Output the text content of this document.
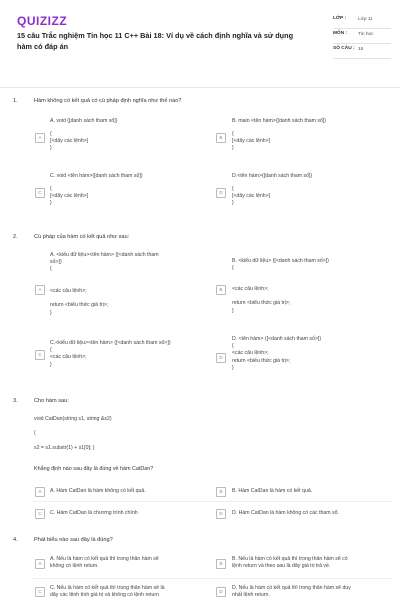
QUIZIZZ
15 câu Trắc nghiệm Tin học 11 C++ Bài 18: Ví dụ về cách định nghĩa và sử dụng hàm có đáp án
LỚP :	Lớp 11
MÔN :	Tin học
SỐ CÂU : 15
1.	Hàm không có kết quả có cú pháp định nghĩa như thế nào?
A. void ([danh sách tham số])
A
{
[<dãy các lệnh>]
}
B. main <tên hàm>([danh sách tham số])
B
{
[<dãy các lệnh>]
}
C. void <tên hàm>([danh sách tham số])
C
{
[<dãy các lệnh>]
}
D.<tên hàm>([danh sách tham số])
D
{
[<dãy các lệnh>]
}
2.	Cú pháp của hàm có kết quả như sau:
A. <kiểu dữ liệu><tên hàm> ([<danh sách tham
số>])
{
A	<các câu lệnh>;

return <biểu thức giá trị>;
}
B. <kiểu dữ liệu> ([<danh sách tham số>])
{
B	<các câu lệnh>;

return <biểu thức giá trị>;
}
C.<kiểu dữ liệu><tên hàm> ([<danh sách tham số>])
{
<các câu lệnh>;
}
C
D. <tên hàm> ([<danh sách tham số>])
{
<các câu lệnh>;
return <biểu thức giá trị>;
}
D
3.	Cho hàm sau:
void CatDan(string s1, string &s2)

{

s2 = s1.substr(1) + s1[0]; }
Khẳng định nào sau đây là đúng về hàm CatDan?
A	A. Hàm CatDan là hàm không có kết quả.	B	B. Hàm CatDan là hàm có kết quả.
C	C. Hàm CatDan là chương trình chính	D	D. Hàm CatDan là hàm không có các tham số.
4.	Phát biểu nào sau đây là đúng?
A
A. Nếu là hàm có kết quả thì trong thân hàm sẽ
không có lệnh return.	B
B. Nếu là hàm có kết quả thì trong thân hàm sẽ có
lệnh return và theo sau là dãy giá trị trả về.
C
C. Nếu là hàm có kết quả thì trong thân hàm sẽ là
dãy các lệnh tính giá trị và không có lệnh return
D
D. Nếu là hàm có kết quả thì trong thân hàm sẽ duy
nhất lệnh return.
